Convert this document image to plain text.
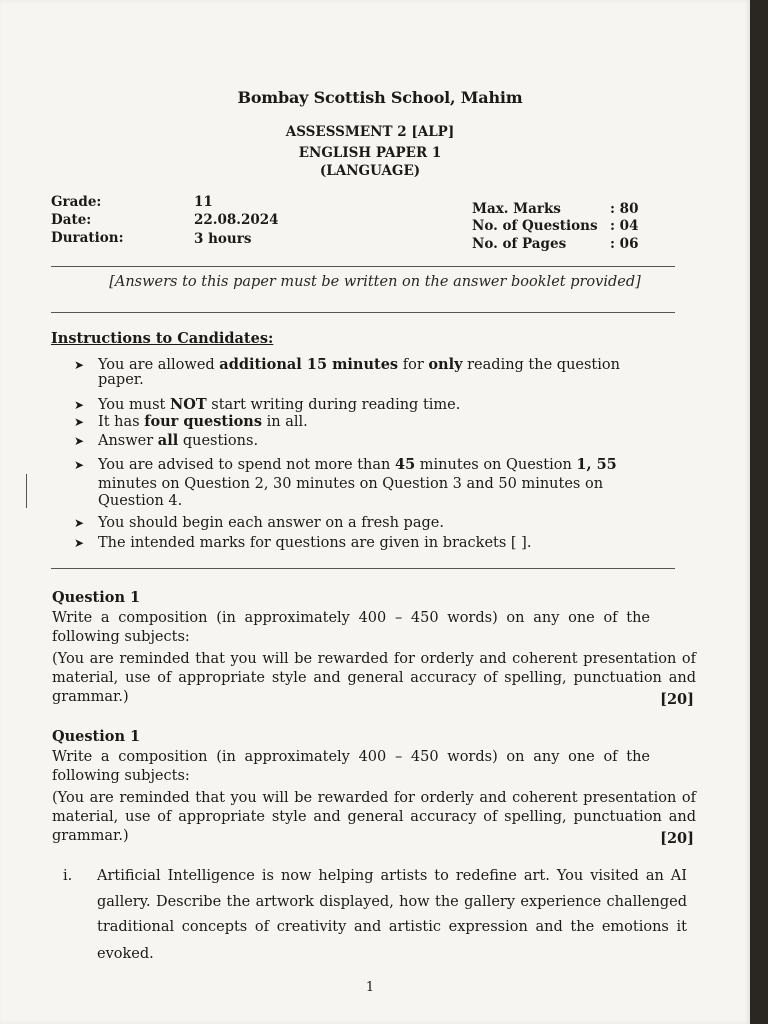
Bombay Scottish School, Mahim
ASSESSMENT 2 [ALP]
ENGLISH PAPER 1
(LANGUAGE)
Grade:	11
Date:	22.08.2024
Duration:	3 hours
Max. Marks	: 80
No. of Questions : 04
No. of Pages	: 06
[Answers to this paper must be written on the answer booklet provided]
Instructions to Candidates:
➤ You are allowed additional 15 minutes for only reading the question
paper.
➤ You must NOT start writing during reading time.
➤ It has four questions in all.
➤ Answer all questions.
➤ You are advised to spend not more than 45 minutes on Question 1, 55
minutes on Question 2, 30 minutes on Question 3 and 50 minutes on
Question 4.
➤ You should begin each answer on a fresh page.
➤ The intended marks for questions are given in brackets [ ].
Question 1
Write a composition (in approximately 400 – 450 words) on any one of the
following subjects:
(You are reminded that you will be rewarded for orderly and coherent presentation of
material, use of appropriate style and general accuracy of spelling, punctuation and
grammar.)	[20]
Question 1
Write a composition (in approximately 400 – 450 words) on any one of the
following subjects:
(You are reminded that you will be rewarded for orderly and coherent presentation of
material, use of appropriate style and general accuracy of spelling, punctuation and
grammar.)	[20]
i. Artificial Intelligence is now helping artists to redefine art. You visited an AI
gallery. Describe the artwork displayed, how the gallery experience challenged
traditional concepts of creativity and artistic expression and the emotions it
evoked.
1
